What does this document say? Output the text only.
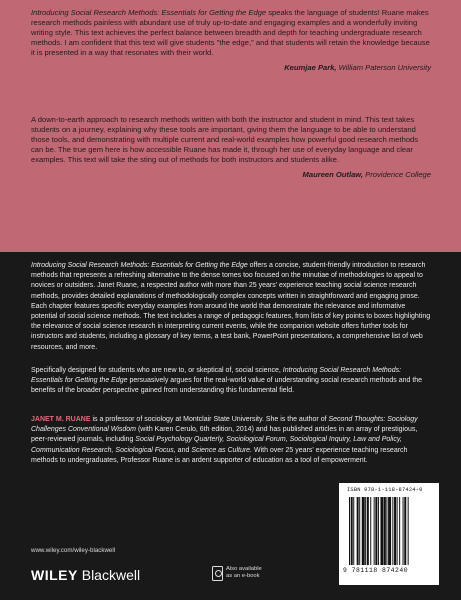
Introducing Social Research Methods: Essentials for Getting the Edge speaks the language of students! Ruane makes research methods painless with abundant use of truly up-to-date and engaging examples and a wonderfully inviting writing style. This text achieves the perfect balance between breadth and depth for teaching undergraduate research methods. I am confident that this text will give students "the edge," and that students will retain the knowledge because it is presented in a way that resonates with their world.
Keumjae Park, William Paterson University
A down-to-earth approach to research methods written with both the instructor and student in mind. This text takes students on a journey, explaining why these tools are important, giving them the language to be able to understand those tools, and demonstrating with multiple current and real-world examples how powerful good research methods can be. The true gem here is how accessible Ruane has made it, through her use of everyday language and clear examples. This text will take the sting out of methods for both instructors and students alike.
Maureen Outlaw, Providence College
Introducing Social Research Methods: Essentials for Getting the Edge offers a concise, student-friendly introduction to research methods that represents a refreshing alternative to the dense tomes too focused on the minutiae of methodologies to appeal to novices or outsiders. Janet Ruane, a respected author with more than 25 years' experience teaching social science research methods, provides detailed explanations of methodologically complex concepts written in straightforward and engaging prose. Each chapter features specific everyday examples from around the world that demonstrate the relevance and informative potential of social science methods. The text includes a range of pedagogic features, from lists of key points to boxes highlighting the relevance of social science research in interpreting current events, while the companion website offers further tools for instructors and students, including a glossary of key terms, a test bank, PowerPoint presentations, a comprehensive list of web resources, and more.
Specifically designed for students who are new to, or skeptical of, social science, Introducing Social Research Methods: Essentials for Getting the Edge persuasively argues for the real-world value of understanding social research methods and the benefits of the broader perspective gained from understanding this fundamental field.
JANET M. RUANE is a professor of sociology at Montclair State University. She is the author of Second Thoughts: Sociology Challenges Conventional Wisdom (with Karen Cerulo, 6th edition, 2014) and has published articles in an array of prestigious, peer-reviewed journals, including Social Psychology Quarterly, Sociological Forum, Sociological Inquiry, Law and Policy, Communication Research, Sociological Focus, and Science as Culture. With over 25 years' experience teaching research methods to undergraduates, Professor Ruane is an ardent supporter of education as a tool of empowerment.
www.wiley.com/wiley-blackwell
WILEY Blackwell	Also available
as an e-book
ISBN 978-1-118-87424-0
9 781118 874240
